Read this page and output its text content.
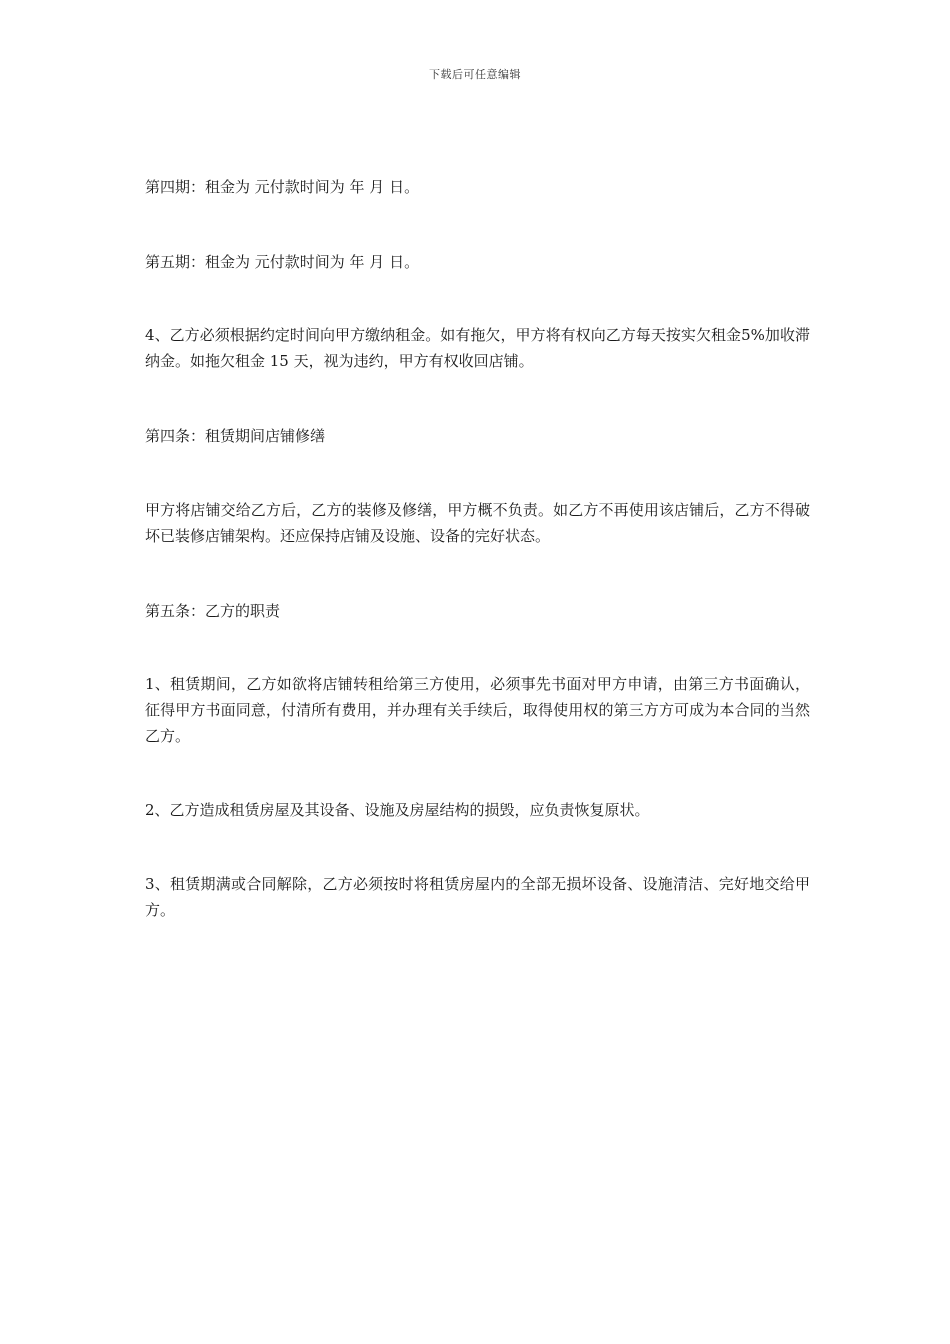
下载后可任意编辑

第四期：租金为 元付款时间为 年 月 日。

第五期：租金为 元付款时间为 年 月 日。

4、乙方必须根据约定时间向甲方缴纳租金。如有拖欠，甲方将有权向乙方每天按实欠租金5%加收滞纳金。如拖欠租金 15 天，视为违约，甲方有权收回店铺。

第四条：租赁期间店铺修缮

甲方将店铺交给乙方后，乙方的装修及修缮，甲方概不负责。如乙方不再使用该店铺后，乙方不得破坏已装修店铺架构。还应保持店铺及设施、设备的完好状态。

第五条：乙方的职责

1、租赁期间，乙方如欲将店铺转租给第三方使用，必须事先书面对甲方申请，由第三方书面确认，征得甲方书面同意，付清所有费用，并办理有关手续后，取得使用权的第三方方可成为本合同的当然乙方。

2、乙方造成租赁房屋及其设备、设施及房屋结构的损毁，应负责恢复原状。

3、租赁期满或合同解除，乙方必须按时将租赁房屋内的全部无损坏设备、设施清洁、完好地交给甲方。
